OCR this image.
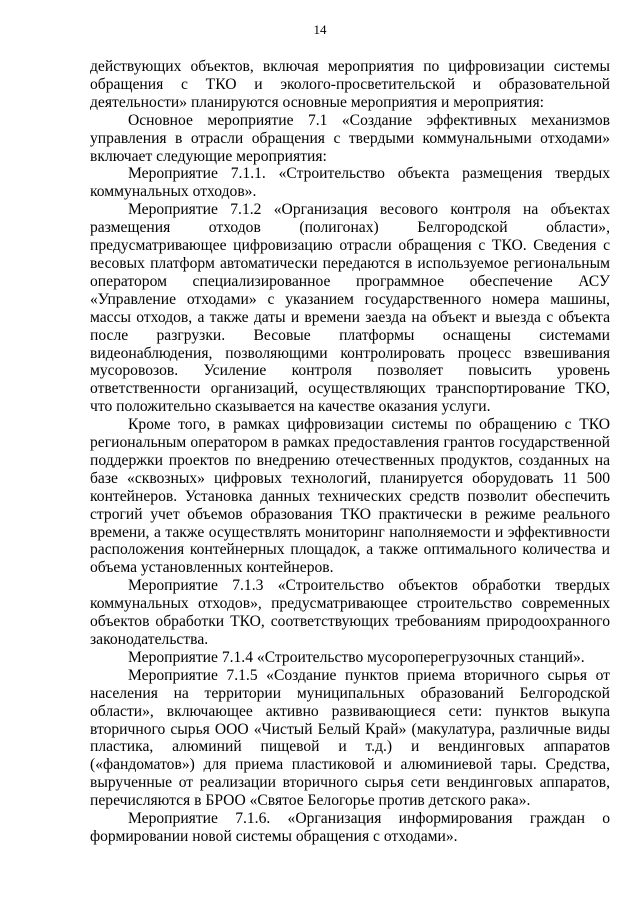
14

действующих объектов, включая мероприятия по цифровизации системы обращения с ТКО и эколого-просветительской и образовательной деятельности» планируются основные мероприятия и мероприятия:

Основное мероприятие 7.1 «Создание эффективных механизмов управления в отрасли обращения с твердыми коммунальными отходами» включает следующие мероприятия:

Мероприятие 7.1.1. «Строительство объекта размещения твердых коммунальных отходов».

Мероприятие 7.1.2 «Организация весового контроля на объектах размещения отходов (полигонах) Белгородской области», предусматривающее цифровизацию отрасли обращения с ТКО. Сведения с весовых платформ автоматически передаются в используемое региональным оператором специализированное программное обеспечение АСУ «Управление отходами» с указанием государственного номера машины, массы отходов, а также даты и времени заезда на объект и выезда с объекта после разгрузки. Весовые платформы оснащены системами видеонаблюдения, позволяющими контролировать процесс взвешивания мусоровозов. Усиление контроля позволяет повысить уровень ответственности организаций, осуществляющих транспортирование ТКО, что положительно сказывается на качестве оказания услуги.

Кроме того, в рамках цифровизации системы по обращению с ТКО региональным оператором в рамках предоставления грантов государственной поддержки проектов по внедрению отечественных продуктов, созданных на базе «сквозных» цифровых технологий, планируется оборудовать 11 500 контейнеров. Установка данных технических средств позволит обеспечить строгий учет объемов образования ТКО практически в режиме реального времени, а также осуществлять мониторинг наполняемости и эффективности расположения контейнерных площадок, а также оптимального количества и объема установленных контейнеров.

Мероприятие 7.1.3 «Строительство объектов обработки твердых коммунальных отходов», предусматривающее строительство современных объектов обработки ТКО, соответствующих требованиям природоохранного законодательства.

Мероприятие 7.1.4 «Строительство мусороперегрузочных станций».

Мероприятие 7.1.5 «Создание пунктов приема вторичного сырья от населения на территории муниципальных образований Белгородской области», включающее активно развивающиеся сети: пунктов выкупа вторичного сырья ООО «Чистый Белый Край» (макулатура, различные виды пластика, алюминий пищевой и т.д.) и вендинговых аппаратов («фандоматов») для приема пластиковой и алюминиевой тары. Средства, вырученные от реализации вторичного сырья сети вендинговых аппаратов, перечисляются в БРОО «Святое Белогорье против детского рака».

Мероприятие 7.1.6. «Организация информирования граждан о формировании новой системы обращения с отходами».
